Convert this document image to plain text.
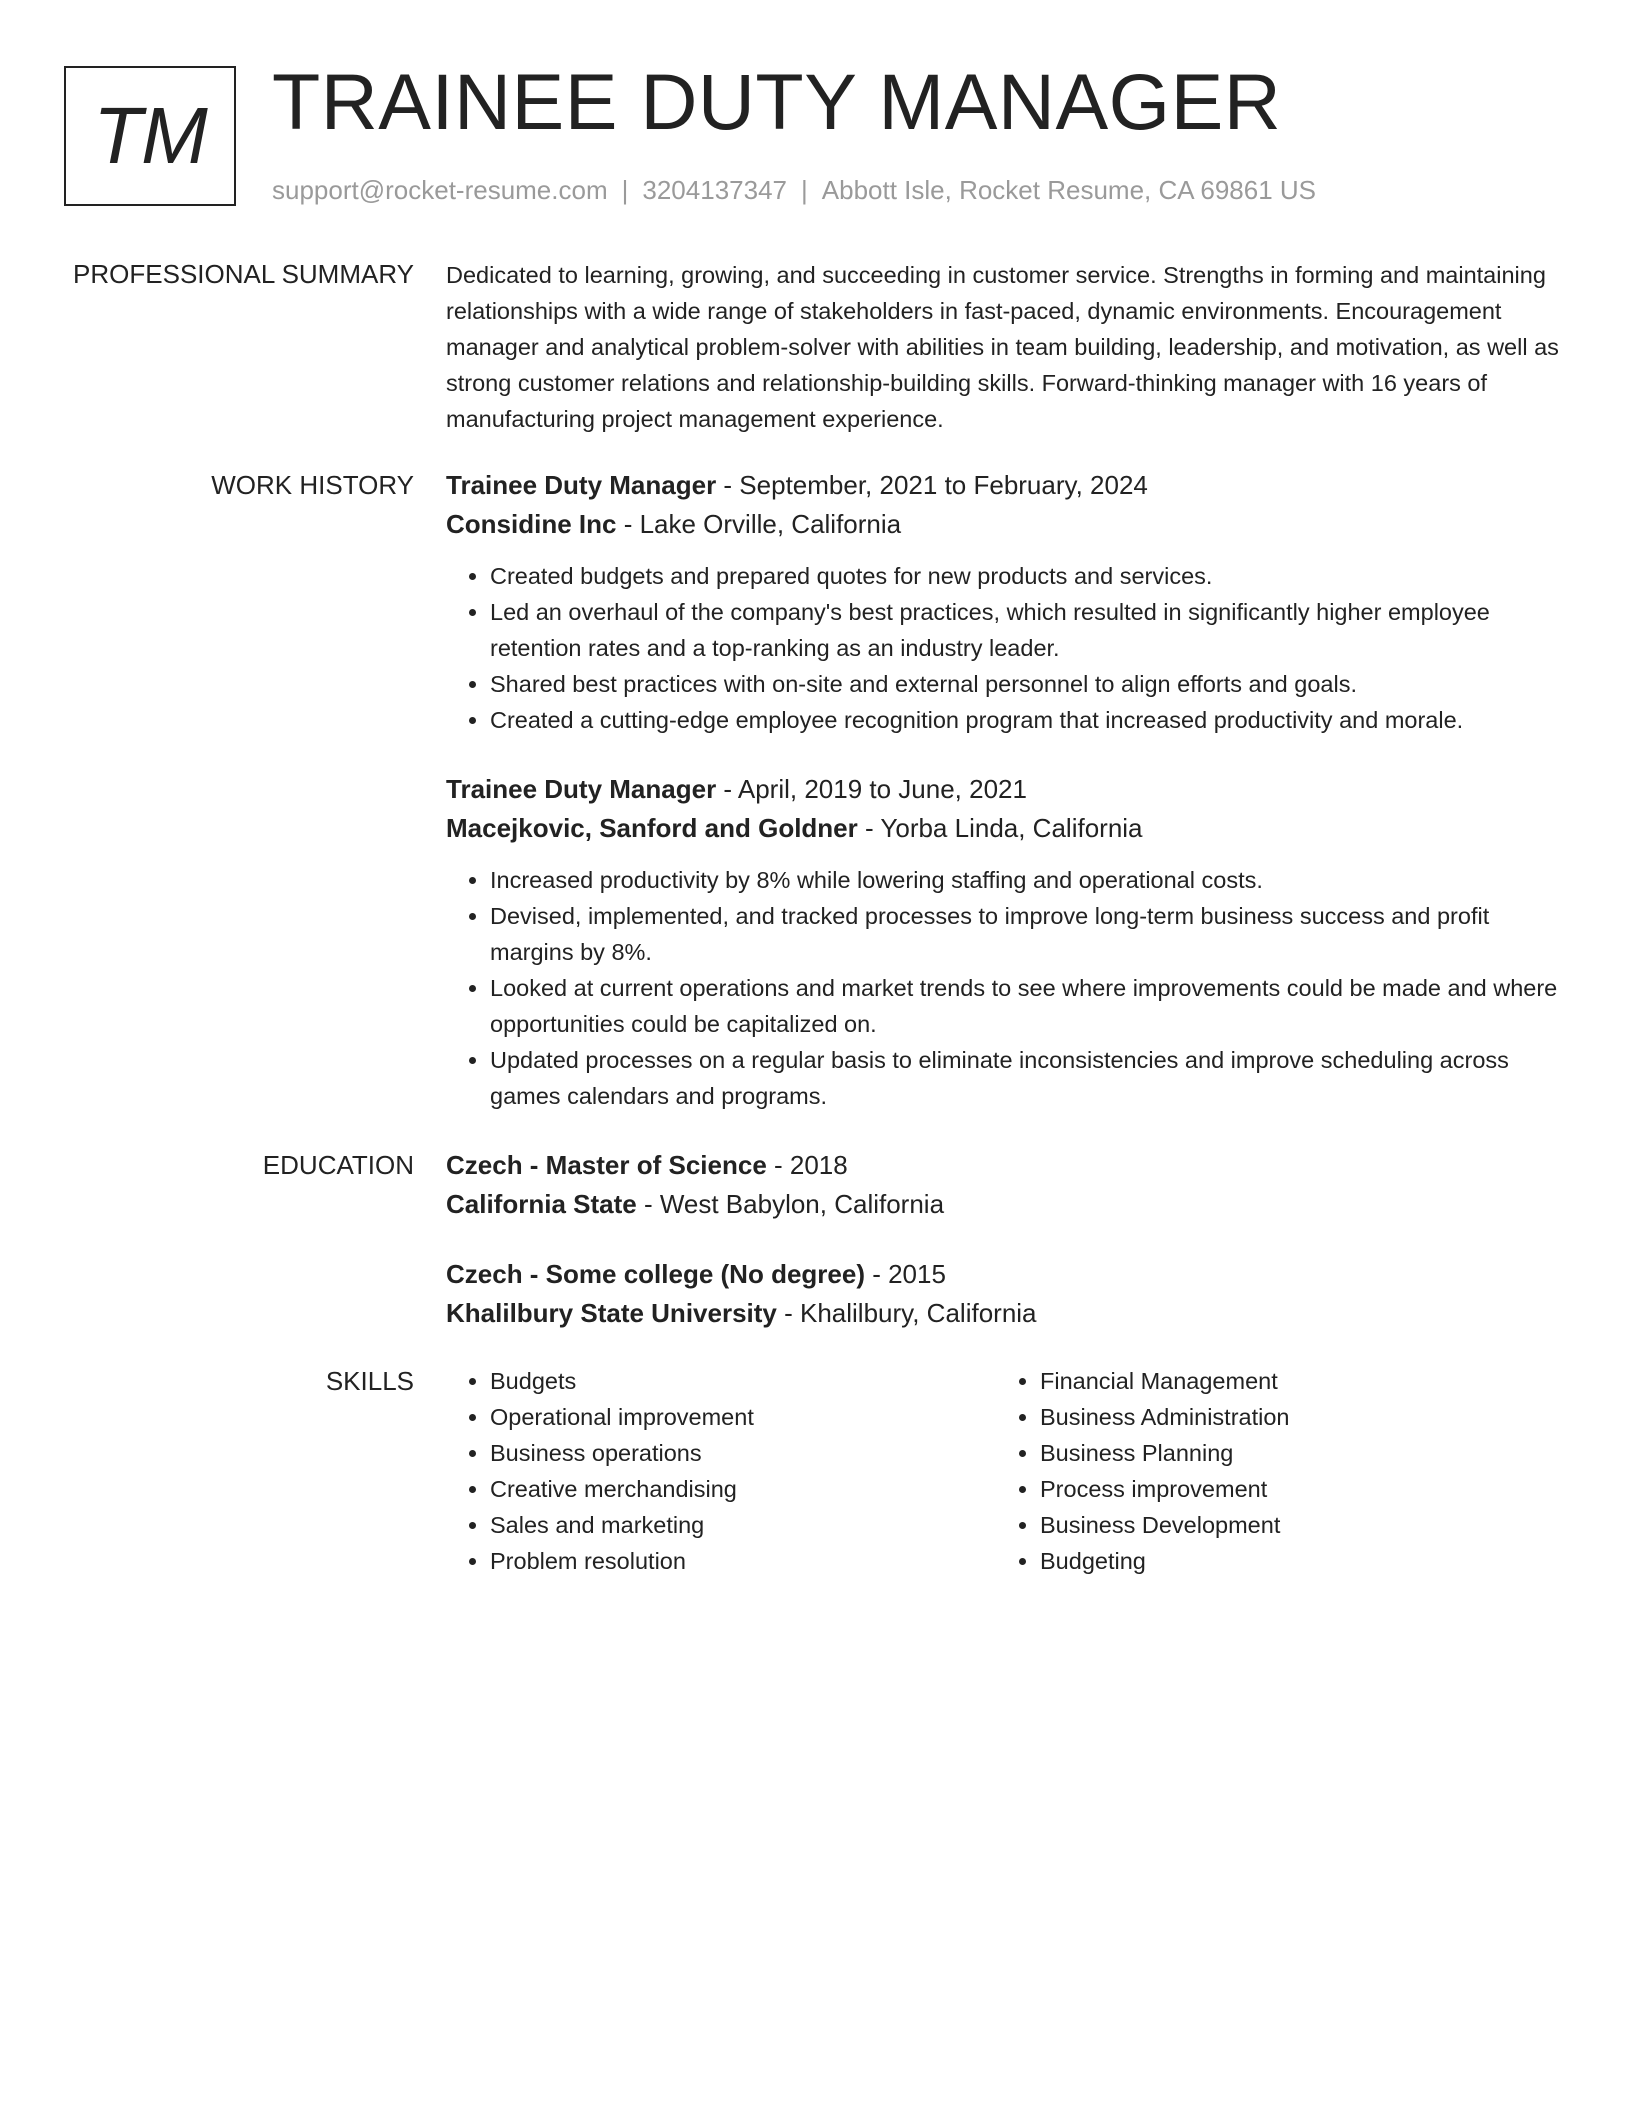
TM TRAINEE DUTY MANAGER
support@rocket-resume.com | 3204137347 | Abbott Isle, Rocket Resume, CA 69861 US
PROFESSIONAL SUMMARY Dedicated to learning, growing, and succeeding in customer service. Strengths in forming and maintaining relationships with a wide range of stakeholders in fast-paced, dynamic environments. Encouragement manager and analytical problem-solver with abilities in team building, leadership, and motivation, as well as strong customer relations and relationship-building skills. Forward-thinking manager with 16 years of manufacturing project management experience.
WORK HISTORY Trainee Duty Manager - September, 2021 to February, 2024
Considine Inc - Lake Orville, California
• Created budgets and prepared quotes for new products and services.
• Led an overhaul of the company's best practices, which resulted in significantly higher employee retention rates and a top-ranking as an industry leader.
• Shared best practices with on-site and external personnel to align efforts and goals.
• Created a cutting-edge employee recognition program that increased productivity and morale.
Trainee Duty Manager - April, 2019 to June, 2021
Macejkovic, Sanford and Goldner - Yorba Linda, California
• Increased productivity by 8% while lowering staffing and operational costs.
• Devised, implemented, and tracked processes to improve long-term business success and profit margins by 8%.
• Looked at current operations and market trends to see where improvements could be made and where opportunities could be capitalized on.
• Updated processes on a regular basis to eliminate inconsistencies and improve scheduling across games calendars and programs.
EDUCATION Czech - Master of Science - 2018
California State - West Babylon, California
Czech - Some college (No degree) - 2015
Khalilbury State University - Khalilbury, California
SKILLS
•	Budgets
• Operational improvement
• Business operations
• Creative merchandising
• Sales and marketing
• Problem resolution
• Financial Management
• Business Administration
• Business Planning
• Process improvement
• Business Development
• Budgeting
